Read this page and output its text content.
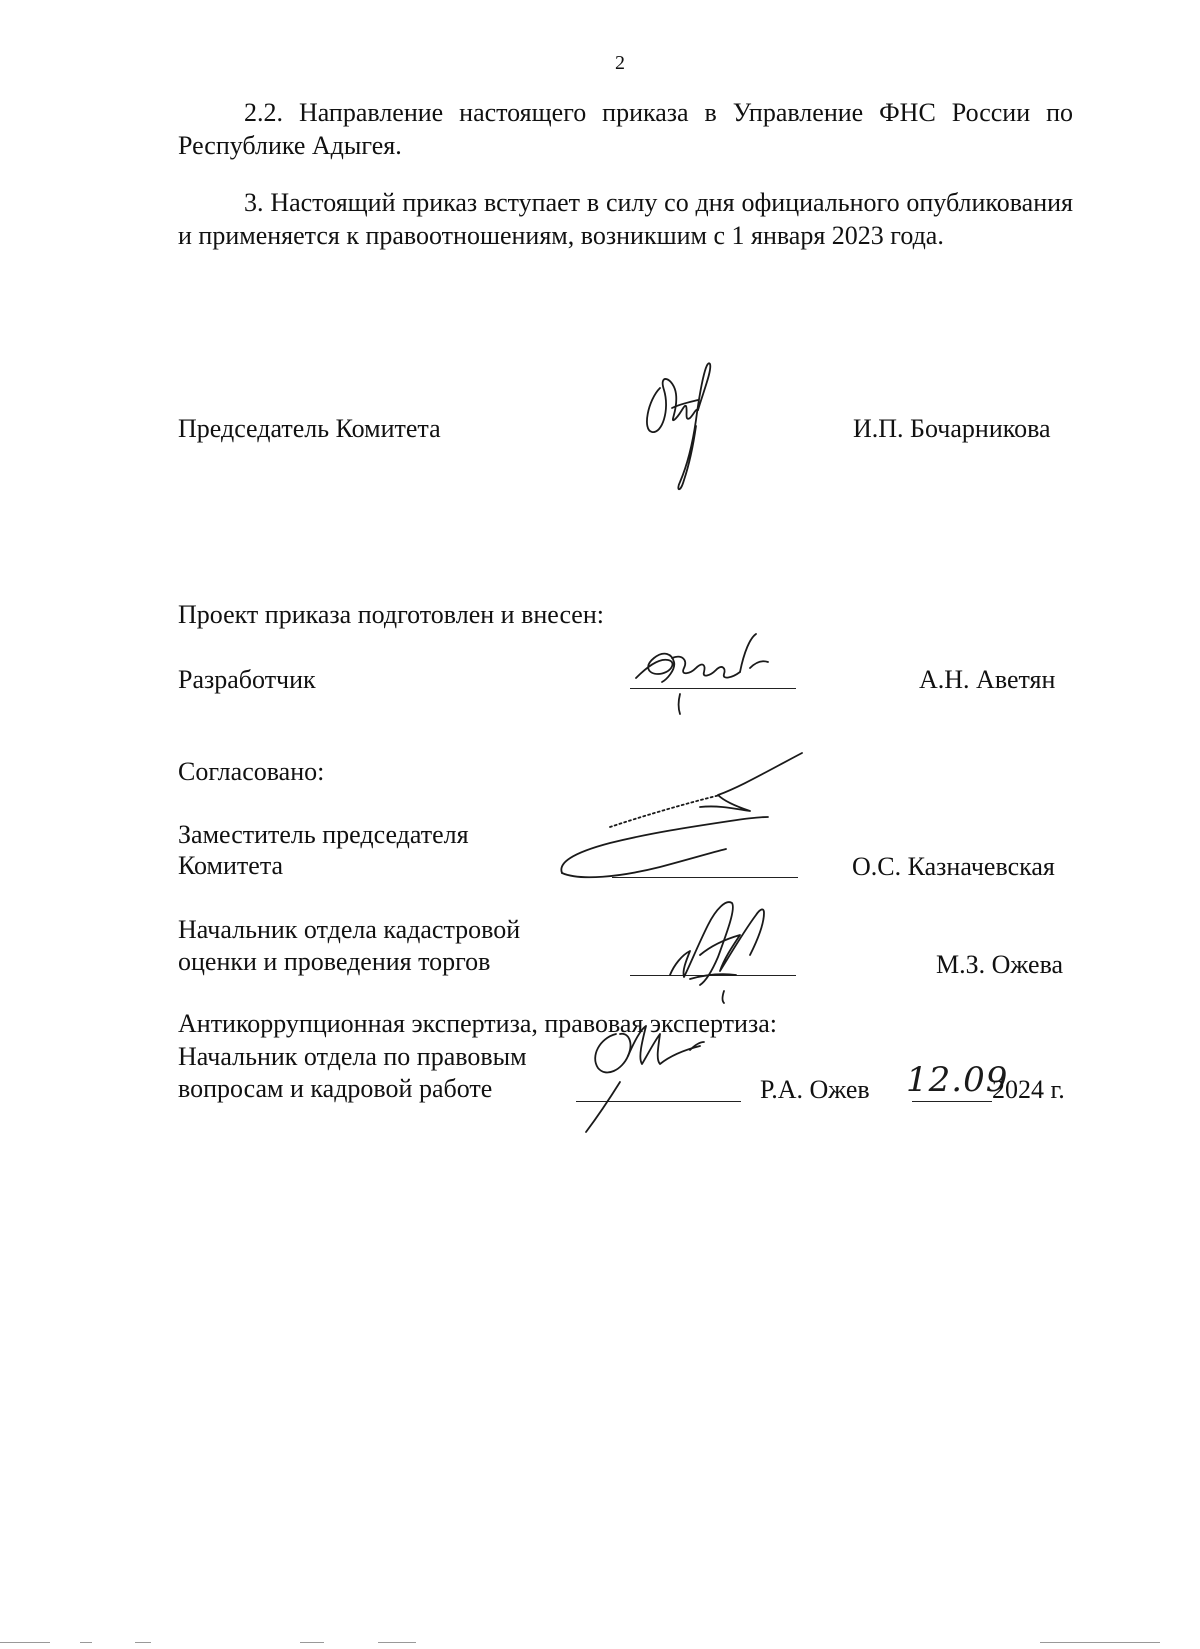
2

2.2. Направление настоящего приказа в Управление ФНС России по Республике Адыгея.

3. Настоящий приказ вступает в силу со дня официального опубликования и применяется к правоотношениям, возникшим с 1 января 2023 года.

Председатель Комитета	И.П. Бочарникова
Проект приказа подготовлен и внесен:
Разработчик	А.Н. Аветян
Согласовано:
Заместитель председателя
Комитета	О.С. Казначевская
Начальник отдела кадастровой
оценки и проведения торгов	М.З. Ожева
Антикоррупционная экспертиза, правовая экспертиза:
Начальник отдела по правовым
вопросам и кадровой работе	Р.А. Ожев 12.09
2024 г.
